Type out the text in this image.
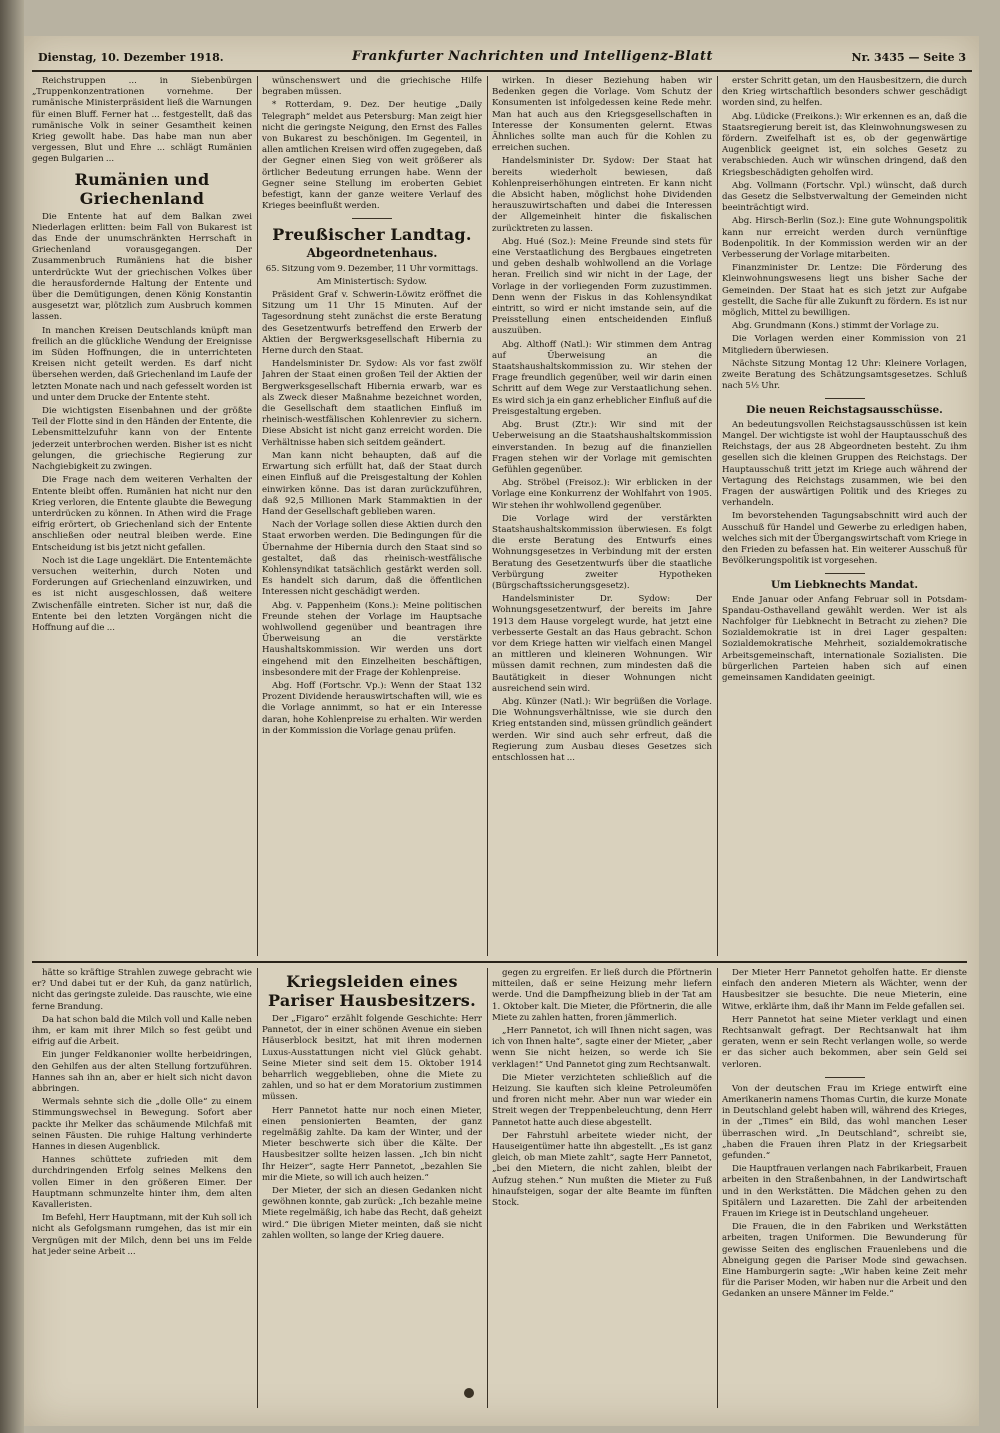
Dienstag, 10. Dezember 1918.	Frankfurter Nachrichten und Intelligenz-Blatt	Nr. 3435 — Seite 3

Reichstruppen ... in Siebenbürgen „Truppenkonzentrationen vornehme. Der rumänische Ministerpräsident ließ die Warnungen für einen Bluff. Ferner hat ... festgestellt, daß das rumänische Volk in seiner Gesamtheit keinen Krieg gewollt habe. Das habe man nun aber vergessen, Blut und Ehre ... schlägt Rumänien gegen Bulgarien ...

Rumänien und Griechenland

Die Entente hat auf dem Balkan zwei Niederlagen erlitten: beim Fall von Bukarest ist das Ende der unumschränkten Herrschaft in Griechenland vorausgegangen. Der Zusammenbruch Rumäniens hat die bisher unterdrückte Wut der griechischen Volkes über die herausfordernde Haltung der Entente und über die Demütigungen, denen König Konstantin ausgesetzt war, plötzlich zum Ausbruch kommen lassen.

In manchen Kreisen Deutschlands knüpft man freilich an die glückliche Wendung der Ereignisse im Süden Hoffnungen, die in unterrichteten Kreisen nicht geteilt werden. Es darf nicht übersehen werden, daß Griechenland im Laufe der letzten Monate nach und nach gefesselt worden ist und unter dem Drucke der Entente steht.

Die wichtigsten Eisenbahnen und der größte Teil der Flotte sind in den Händen der Entente, die Lebensmittelzufuhr kann von der Entente jederzeit unterbrochen werden. Bisher ist es nicht gelungen, die griechische Regierung zur Nachgiebigkeit zu zwingen.

Die Frage nach dem weiteren Verhalten der Entente bleibt offen. Rumänien hat nicht nur den Krieg verloren, die Entente glaubte die Bewegung unterdrücken zu können. In Athen wird die Frage eifrig erörtert, ob Griechenland sich der Entente anschließen oder neutral bleiben werde. Eine Entscheidung ist bis jetzt nicht gefallen.

Noch ist die Lage ungeklärt. Die Ententemächte versuchen weiterhin, durch Noten und Forderungen auf Griechenland einzuwirken, und es ist nicht ausgeschlossen, daß weitere Zwischenfälle eintreten. Sicher ist nur, daß die Entente bei den letzten Vorgängen nicht die Hoffnung auf die ...

wünschenswert und die griechische Hilfe begraben müssen.

* Rotterdam, 9. Dez. Der heutige „Daily Telegraph“ meldet aus Petersburg: Man zeigt hier nicht die geringste Neigung, den Ernst des Falles von Bukarest zu beschönigen. Im Gegenteil, in allen amtlichen Kreisen wird offen zugegeben, daß der Gegner einen Sieg von weit größerer als örtlicher Bedeutung errungen habe. Wenn der Gegner seine Stellung im eroberten Gebiet befestigt, kann der ganze weitere Verlauf des Krieges beeinflußt werden.

Preußischer Landtag.
Abgeordnetenhaus.
65. Sitzung vom 9. Dezember, 11 Uhr vormittags.
Am Ministertisch: Sydow.

Präsident Graf v. Schwerin-Löwitz eröffnet die Sitzung um 11 Uhr 15 Minuten. Auf der Tagesordnung steht zunächst die erste Beratung des Gesetzentwurfs betreffend den Erwerb der Aktien der Bergwerksgesellschaft Hibernia zu Herne durch den Staat.

Handelsminister Dr. Sydow: Als vor fast zwölf Jahren der Staat einen großen Teil der Aktien der Bergwerksgesellschaft Hibernia erwarb, war es als Zweck dieser Maßnahme bezeichnet worden, die Gesellschaft dem staatlichen Einfluß im rheinisch-westfälischen Kohlenrevier zu sichern. Diese Absicht ist nicht ganz erreicht worden. Die Verhältnisse haben sich seitdem geändert.

Man kann nicht behaupten, daß auf die Erwartung sich erfüllt hat, daß der Staat durch einen Einfluß auf die Preisgestaltung der Kohlen einwirken könne. Das ist daran zurückzuführen, daß 92,5 Millionen Mark Stammaktien in der Hand der Gesellschaft geblieben waren.

Nach der Vorlage sollen diese Aktien durch den Staat erworben werden. Die Bedingungen für die Übernahme der Hibernia durch den Staat sind so gestaltet, daß das rheinisch-westfälische Kohlensyndikat tatsächlich gestärkt werden soll. Es handelt sich darum, daß die öffentlichen Interessen nicht geschädigt werden.

Abg. v. Pappenheim (Kons.): Meine politischen Freunde stehen der Vorlage im Hauptsache wohlwollend gegenüber und beantragen ihre Überweisung an die verstärkte Haushaltskommission. Wir werden uns dort eingehend mit den Einzelheiten beschäftigen, insbesondere mit der Frage der Kohlenpreise.

Abg. Hoff (Fortschr. Vp.): Wenn der Staat 132 Prozent Dividende herauswirtschaften will, wie es die Vorlage annimmt, so hat er ein Interesse daran, hohe Kohlenpreise zu erhalten. Wir werden in der Kommission die Vorlage genau prüfen.

wirken. In dieser Beziehung haben wir Bedenken gegen die Vorlage. Vom Schutz der Konsumenten ist infolgedessen keine Rede mehr. Man hat auch aus den Kriegsgesellschaften in Interesse der Konsumenten gelernt. Etwas Ähnliches sollte man auch für die Kohlen zu erreichen suchen.

Handelsminister Dr. Sydow: Der Staat hat bereits wiederholt bewiesen, daß Kohlenpreiserhöhungen eintreten. Er kann nicht die Absicht haben, möglichst hohe Dividenden herauszuwirtschaften und dabei die Interessen der Allgemeinheit hinter die fiskalischen zurücktreten zu lassen.

Abg. Hué (Soz.): Meine Freunde sind stets für eine Verstaatlichung des Bergbaues eingetreten und geben deshalb wohlwollend an die Vorlage heran. Freilich sind wir nicht in der Lage, der Vorlage in der vorliegenden Form zuzustimmen. Denn wenn der Fiskus in das Kohlensyndikat eintritt, so wird er nicht imstande sein, auf die Preisstellung einen entscheidenden Einfluß auszuüben.

Abg. Althoff (Natl.): Wir stimmen dem Antrag auf Überweisung an die Staatshaushaltskommission zu. Wir stehen der Frage freundlich gegenüber, weil wir darin einen Schritt auf dem Wege zur Verstaatlichung sehen. Es wird sich ja ein ganz erheblicher Einfluß auf die Preisgestaltung ergeben.

Abg. Brust (Ztr.): Wir sind mit der Ueberweisung an die Staatshaushaltskommission einverstanden. In bezug auf die finanziellen Fragen stehen wir der Vorlage mit gemischten Gefühlen gegenüber.

Abg. Ströbel (Freisoz.): Wir erblicken in der Vorlage eine Konkurrenz der Wohlfahrt von 1905. Wir stehen ihr wohlwollend gegenüber.

Die Vorlage wird der verstärkten Staatshaushaltskommission überwiesen. Es folgt die erste Beratung des Entwurfs eines Wohnungsgesetzes in Verbindung mit der ersten Beratung des Gesetzentwurfs über die staatliche Verbürgung zweiter Hypotheken (Bürgschaftssicherungsgesetz).

Handelsminister Dr. Sydow: Der Wohnungsgesetzentwurf, der bereits im Jahre 1913 dem Hause vorgelegt wurde, hat jetzt eine verbesserte Gestalt an das Haus gebracht. Schon vor dem Kriege hatten wir vielfach einen Mangel an mittleren und kleineren Wohnungen. Wir müssen damit rechnen, zum mindesten daß die Bautätigkeit in dieser Wohnungen nicht ausreichend sein wird.

Abg. Künzer (Natl.): Wir begrüßen die Vorlage. Die Wohnungsverhältnisse, wie sie durch den Krieg entstanden sind, müssen gründlich geändert werden. Wir sind auch sehr erfreut, daß die Regierung zum Ausbau dieses Gesetzes sich entschlossen hat ...

erster Schritt getan, um den Hausbesitzern, die durch den Krieg wirtschaftlich besonders schwer geschädigt worden sind, zu helfen.

Abg. Lüdicke (Freikons.): Wir erkennen es an, daß die Staatsregierung bereit ist, das Kleinwohnungswesen zu fördern. Zweifelhaft ist es, ob der gegenwärtige Augenblick geeignet ist, ein solches Gesetz zu verabschieden. Auch wir wünschen dringend, daß den Kriegsbeschädigten geholfen wird.

Abg. Vollmann (Fortschr. Vpl.) wünscht, daß durch das Gesetz die Selbstverwaltung der Gemeinden nicht beeinträchtigt wird.

Abg. Hirsch-Berlin (Soz.): Eine gute Wohnungspolitik kann nur erreicht werden durch vernünftige Bodenpolitik. In der Kommission werden wir an der Verbesserung der Vorlage mitarbeiten.

Finanzminister Dr. Lentze: Die Förderung des Kleinwohnungswesens liegt uns bisher Sache der Gemeinden. Der Staat hat es sich jetzt zur Aufgabe gestellt, die Sache für alle Zukunft zu fördern. Es ist nur möglich, Mittel zu bewilligen.

Abg. Grundmann (Kons.) stimmt der Vorlage zu.

Die Vorlagen werden einer Kommission von 21 Mitgliedern überwiesen.

Nächste Sitzung Montag 12 Uhr: Kleinere Vorlagen, zweite Beratung des Schätzungsamtsgesetzes. Schluß nach 5½ Uhr.

Die neuen Reichstagsausschüsse.

An bedeutungsvollen Reichstagsausschüssen ist kein Mangel. Der wichtigste ist wohl der Hauptausschuß des Reichstags, der aus 28 Abgeordneten besteht. Zu ihm gesellen sich die kleinen Gruppen des Reichstags. Der Hauptausschuß tritt jetzt im Kriege auch während der Vertagung des Reichstags zusammen, wie bei den Fragen der auswärtigen Politik und des Krieges zu verhandeln.

Im bevorstehenden Tagungsabschnitt wird auch der Ausschuß für Handel und Gewerbe zu erledigen haben, welches sich mit der Übergangswirtschaft vom Kriege in den Frieden zu befassen hat. Ein weiterer Ausschuß für Bevölkerungspolitik ist vorgesehen.

Um Liebknechts Mandat.

Ende Januar oder Anfang Februar soll in Potsdam-Spandau-Osthavelland gewählt werden. Wer ist als Nachfolger für Liebknecht in Betracht zu ziehen? Die Sozialdemokratie ist in drei Lager gespalten: Sozialdemokratische Mehrheit, sozialdemokratische Arbeitsgemeinschaft, internationale Sozialisten. Die bürgerlichen Parteien haben sich auf einen gemeinsamen Kandidaten geeinigt.

hätte so kräftige Strahlen zuwege gebracht wie er? Und dabei tut er der Kuh, da ganz natürlich, nicht das geringste zuleide. Das rauschte, wie eine ferne Brandung.

Da hat schon bald die Milch voll und Kalle neben ihm, er kam mit ihrer Milch so fest geübt und eifrig auf die Arbeit.

Ein junger Feldkanonier wollte herbeidringen, den Gehilfen aus der alten Stellung fortzuführen. Hannes sah ihn an, aber er hielt sich nicht davon abbringen.

Wermals sehnte sich die „dolle Olle“ zu einem Stimmungswechsel in Bewegung. Sofort aber packte ihr Melker das schäumende Milchfaß mit seinen Fäusten. Die ruhige Haltung verhinderte Hannes in diesen Augenblick.

Hannes schüttete zufrieden mit dem durchdringenden Erfolg seines Melkens den vollen Eimer in den größeren Eimer. Der Hauptmann schmunzelte hinter ihm, dem alten Kavalleristen.

Im Befehl, Herr Hauptmann, mit der Kuh soll ich nicht als Gefolgsmann rumgehen, das ist mir ein Vergnügen mit der Milch, denn bei uns im Felde hat jeder seine Arbeit ...

Kriegsleiden eines Pariser Hausbesitzers.

Der „Figaro“ erzählt folgende Geschichte: Herr Pannetot, der in einer schönen Avenue ein sieben Häuserblock besitzt, hat mit ihren modernen Luxus-Ausstattungen nicht viel Glück gehabt. Seine Mieter sind seit dem 15. Oktober 1914 beharrlich weggeblieben, ohne die Miete zu zahlen, und so hat er dem Moratorium zustimmen müssen.

Herr Pannetot hatte nur noch einen Mieter, einen pensionierten Beamten, der ganz regelmäßig zahlte. Da kam der Winter, und der Mieter beschwerte sich über die Kälte. Der Hausbesitzer sollte heizen lassen. „Ich bin nicht Ihr Heizer“, sagte Herr Pannetot, „bezahlen Sie mir die Miete, so will ich auch heizen.“

Der Mieter, der sich an diesen Gedanken nicht gewöhnen konnte, gab zurück: „Ich bezahle meine Miete regelmäßig, ich habe das Recht, daß geheizt wird.“ Die übrigen Mieter meinten, daß sie nicht zahlen wollten, so lange der Krieg dauere.

gegen zu ergreifen. Er ließ durch die Pförtnerin mitteilen, daß er seine Heizung mehr liefern werde. Und die Dampfheizung blieb in der Tat am 1. Oktober kalt. Die Mieter, die Pförtnerin, die alle Miete zu zahlen hatten, froren jämmerlich.

„Herr Pannetot, ich will Ihnen nicht sagen, was ich von Ihnen halte“, sagte einer der Mieter, „aber wenn Sie nicht heizen, so werde ich Sie verklagen!“ Und Pannetot ging zum Rechtsanwalt.

Die Mieter verzichteten schließlich auf die Heizung. Sie kauften sich kleine Petroleumöfen und froren nicht mehr. Aber nun war wieder ein Streit wegen der Treppenbeleuchtung, denn Herr Pannetot hatte auch diese abgestellt.

Der Fahrstuhl arbeitete wieder nicht, der Hauseigentümer hatte ihn abgestellt. „Es ist ganz gleich, ob man Miete zahlt“, sagte Herr Pannetot, „bei den Mietern, die nicht zahlen, bleibt der Aufzug stehen.“ Nun mußten die Mieter zu Fuß hinaufsteigen, sogar der alte Beamte im fünften Stock.

Der Mieter Herr Pannetot geholfen hatte. Er dienste einfach den anderen Mietern als Wächter, wenn der Hausbesitzer sie besuchte. Die neue Mieterin, eine Witwe, erklärte ihm, daß ihr Mann im Felde gefallen sei.

Herr Pannetot hat seine Mieter verklagt und einen Rechtsanwalt gefragt. Der Rechtsanwalt hat ihm geraten, wenn er sein Recht verlangen wolle, so werde er das sicher auch bekommen, aber sein Geld sei verloren.

Von der deutschen Frau im Kriege entwirft eine Amerikanerin namens Thomas Curtin, die kurze Monate in Deutschland gelebt haben will, während des Krieges, in der „Times“ ein Bild, das wohl manchen Leser überraschen wird. „In Deutschland“, schreibt sie, „haben die Frauen ihren Platz in der Kriegsarbeit gefunden.“

Die Hauptfrauen verlangen nach Fabrikarbeit, Frauen arbeiten in den Straßenbahnen, in der Landwirtschaft und in den Werkstätten. Die Mädchen gehen zu den Spitälern und Lazaretten. Die Zahl der arbeitenden Frauen im Kriege ist in Deutschland ungeheuer.

Die Frauen, die in den Fabriken und Werkstätten arbeiten, tragen Uniformen. Die Bewunderung für gewisse Seiten des englischen Frauenlebens und die Abneigung gegen die Pariser Mode sind gewachsen. Eine Hamburgerin sagte: „Wir haben keine Zeit mehr für die Pariser Moden, wir haben nur die Arbeit und den Gedanken an unsere Männer im Felde.“
